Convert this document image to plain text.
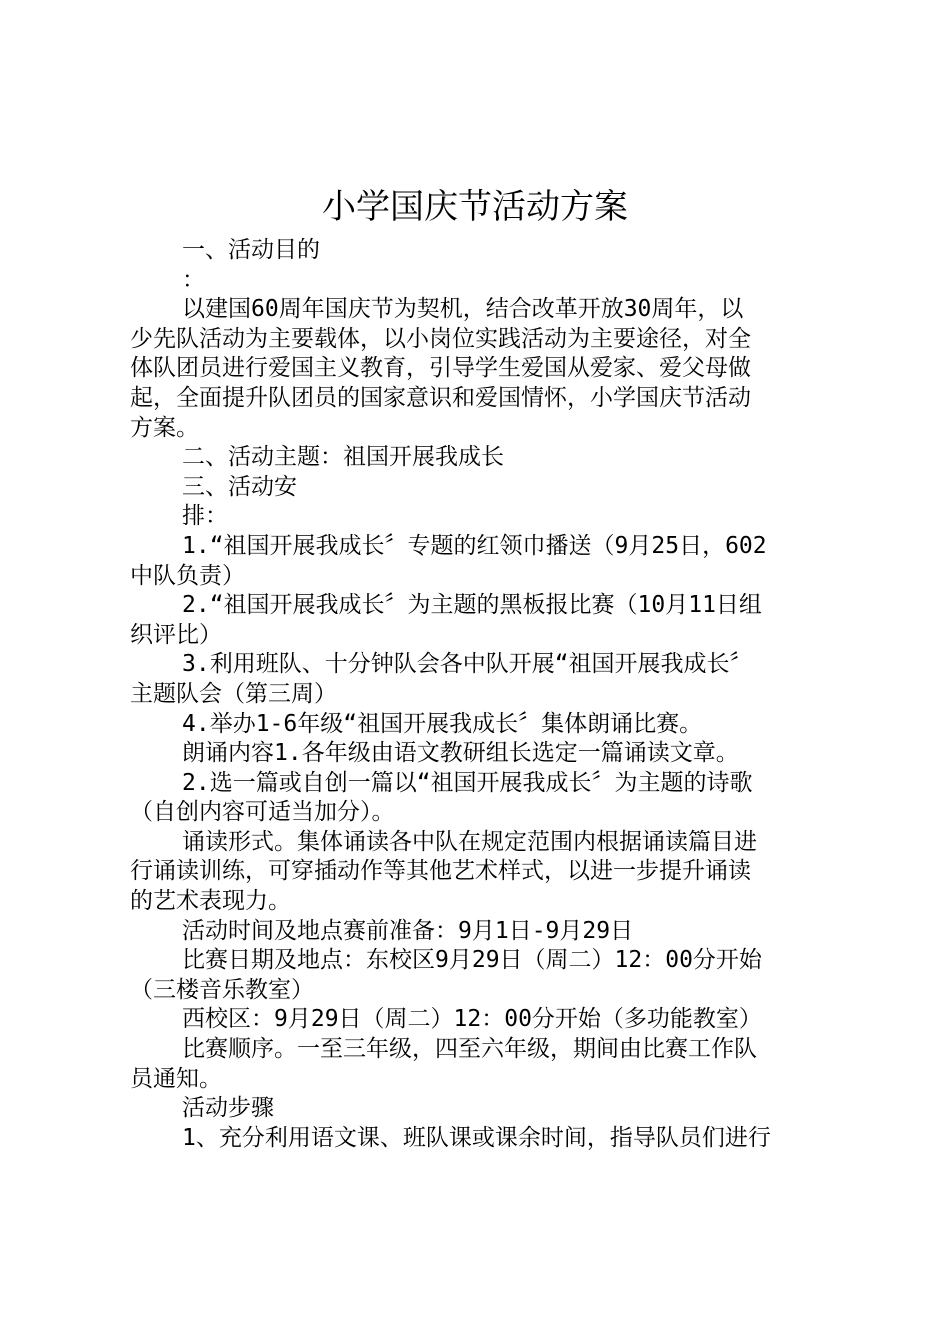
小学国庆节活动方案
一、活动目的
：
以建国60周年国庆节为契机，结合改革开放30周年，以
少先队活动为主要载体，以小岗位实践活动为主要途径，对全
体队团员进行爱国主义教育，引导学生爱国从爱家、爱父母做
起，全面提升队团员的国家意识和爱国情怀，小学国庆节活动
方案。
二、活动主题：祖国开展我成长
三、活动安
排：
1.“祖国开展我成长〞专题的红领巾播送（9月25日，602
中队负责）
2.“祖国开展我成长〞为主题的黑板报比赛（10月11日组
织评比）
3.利用班队、十分钟队会各中队开展“祖国开展我成长〞
主题队会（第三周）
4.举办1-6年级“祖国开展我成长〞集体朗诵比赛。
朗诵内容1.各年级由语文教研组长选定一篇诵读文章。
2.选一篇或自创一篇以“祖国开展我成长〞为主题的诗歌
（自创内容可适当加分）。
诵读形式。集体诵读各中队在规定范围内根据诵读篇目进
行诵读训练，可穿插动作等其他艺术样式，以进一步提升诵读
的艺术表现力。
活动时间及地点赛前准备：9月1日-9月29日
比赛日期及地点：东校区9月29日（周二）12：00分开始
（三楼音乐教室）
西校区：9月29日（周二）12：00分开始（多功能教室）
比赛顺序。一至三年级，四至六年级，期间由比赛工作队
员通知。
活动步骤
1、充分利用语文课、班队课或课余时间，指导队员们进行
